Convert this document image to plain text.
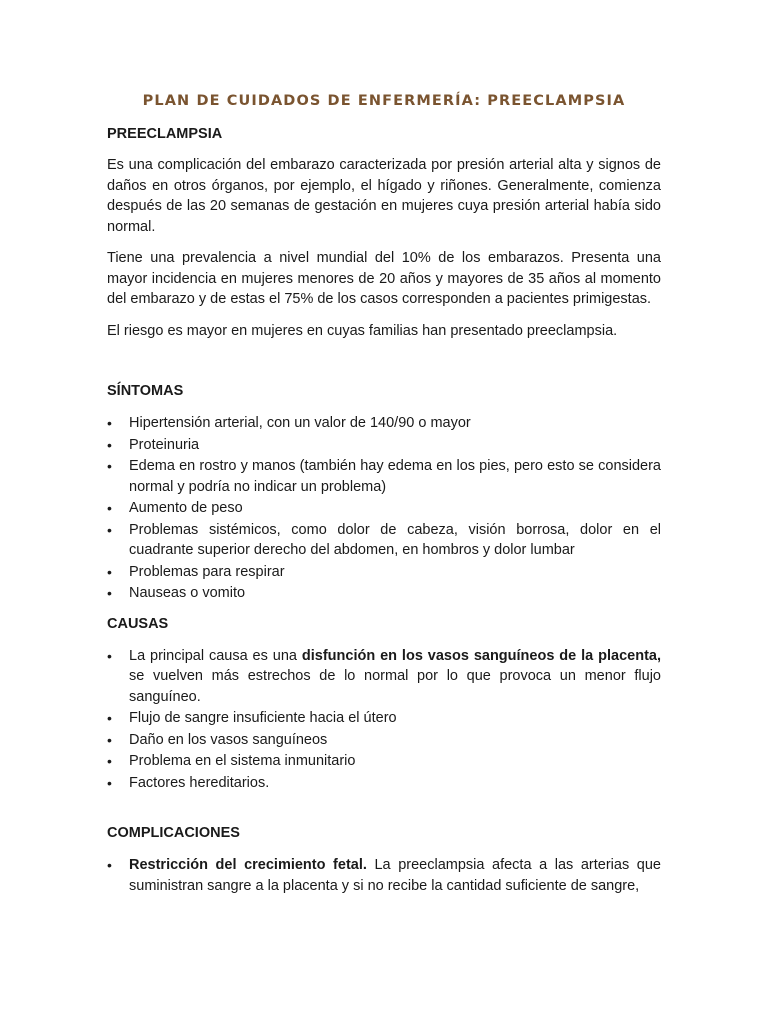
PLAN DE CUIDADOS DE ENFERMERÍA: PREECLAMPSIA
PREECLAMPSIA

Es una complicación del embarazo caracterizada por presión arterial alta y signos de daños en otros órganos, por ejemplo, el hígado y riñones. Generalmente, comienza después de las 20 semanas de gestación en mujeres cuya presión arterial había sido normal.

Tiene una prevalencia a nivel mundial del 10% de los embarazos. Presenta una mayor incidencia en mujeres menores de 20 años y mayores de 35 años al momento del embarazo y de estas el 75% de los casos corresponden a pacientes primigestas.

El riesgo es mayor en mujeres en cuyas familias han presentado preeclampsia.

SÍNTOMAS
• Hipertensión arterial, con un valor de 140/90 o mayor
• Proteinuria
• Edema en rostro y manos (también hay edema en los pies, pero esto se considera normal y podría no indicar un problema)
• Aumento de peso
• Problemas sistémicos, como dolor de cabeza, visión borrosa, dolor en el cuadrante superior derecho del abdomen, en hombros y dolor lumbar
• Problemas para respirar
• Nauseas o vomito
CAUSAS
• La principal causa es una disfunción en los vasos sanguíneos de la placenta, se vuelven más estrechos de lo normal por lo que provoca un menor flujo sanguíneo.
• Flujo de sangre insuficiente hacia el útero
• Daño en los vasos sanguíneos
• Problema en el sistema inmunitario
• Factores hereditarios.
COMPLICACIONES
• Restricción del crecimiento fetal. La preeclampsia afecta a las arterias que suministran sangre a la placenta y si no recibe la cantidad suficiente de sangre,
